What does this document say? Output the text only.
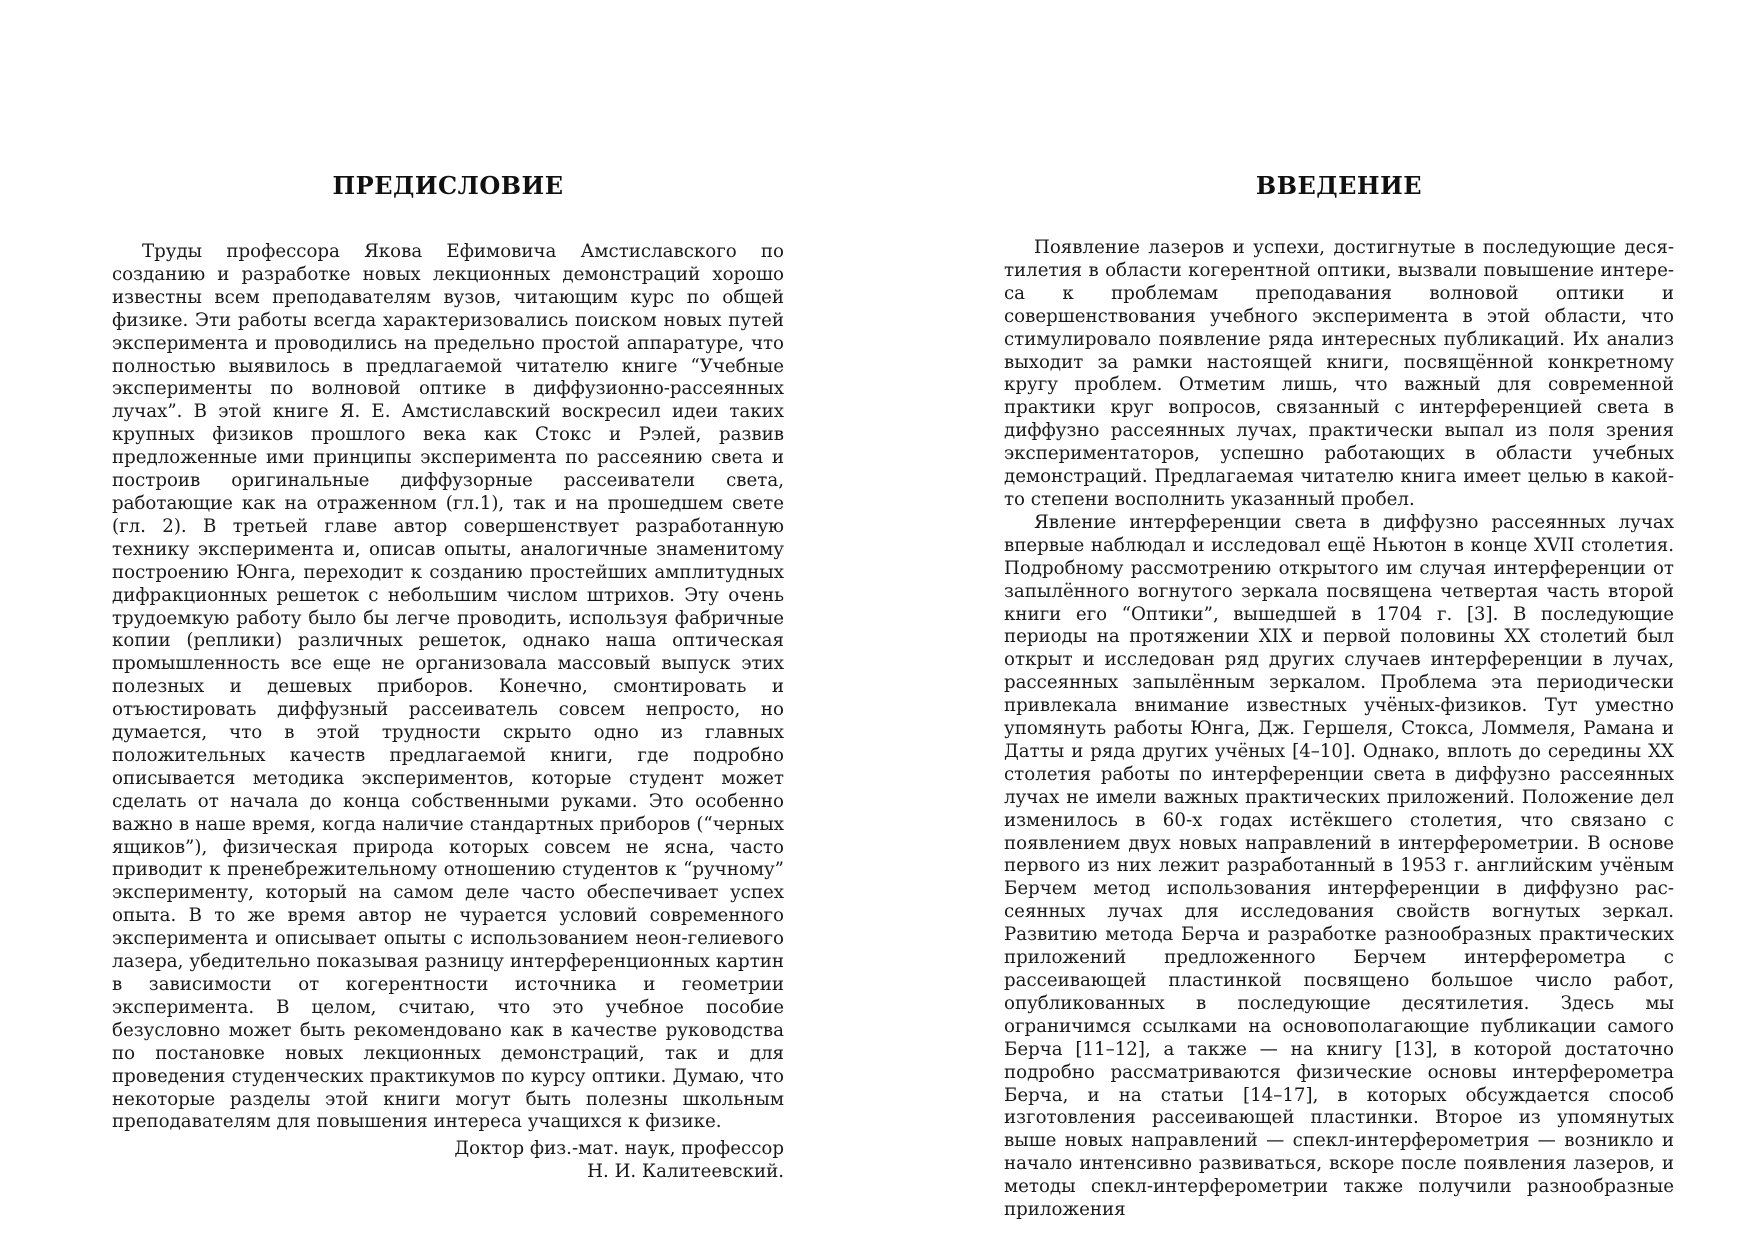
ПРЕДИСЛОВИЕ

Труды профессора Якова Ефимовича Амстиславского по созданию и разработке новых лекционных демонстраций хорошо известны всем преподавателям вузов, читающим курс по общей физике. Эти работы всегда характеризовались поиском новых путей эксперимента и проводились на предельно простой аппаратуре, что полностью выявилось в предлагаемой читателю книге “Учебные эксперименты по волновой оптике в диффузионно-рассеянных лучах”. В этой книге Я. Е. Амстиславский воскресил идеи таких крупных физиков прошлого века как Стокс и Рэлей, развив предложенные ими принципы эксперимента по рассеянию света и построив оригинальные диффузорные рассеиватели света, работающие как на отраженном (гл.1), так и на прошедшем свете (гл. 2). В третьей главе автор совершенствует разработанную технику эксперимента и, описав опыты, аналогичные знаменитому построению Юнга, переходит к созданию простейших амплитудных дифракционных решеток с небольшим числом штрихов. Эту очень трудоемкую работу было бы легче проводить, используя фабричные копии (реплики) различных решеток, однако наша оптическая промышленность все еще не организовала массовый выпуск этих полезных и дешевых приборов. Конечно, смонтировать и отъюстировать диффузный рассеиватель совсем непросто, но думается, что в этой трудности скрыто одно из главных положительных качеств предлагаемой книги, где подробно описывается методика экспериментов, которые студент может сделать от начала до конца собственными руками. Это особенно важно в наше время, когда наличие стандартных приборов (“черных ящиков”), физическая природа которых совсем не ясна, часто приводит к пренебрежительному отношению студентов к “ручному” эксперименту, который на самом деле часто обеспечивает успех опыта. В то же время автор не чурается условий современного эксперимента и описывает опыты с использованием неон-гелиевого лазера, убедительно показывая разницу интерференционных картин в зависимости от когерентности источника и геометрии эксперимента. В целом, считаю, что это учебное пособие безусловно может быть рекомендовано как в качестве руководства по постановке новых лекционных демонстраций, так и для проведения студенческих практикумов по курсу оптики. Думаю, что некоторые разделы этой книги могут быть полезны школьным преподавателям для повышения интереса учащихся к физике.

Доктор физ.-мат. наук, профессор
Н. И. Калитеевский.
ВВЕДЕНИЕ

Появление лазеров и успехи, достигнутые в последующие десятилетия в области когерентной оптики, вызвали повышение интереса к проблемам преподавания волновой оптики и совершенствования учебного эксперимента в этой области, что стимулировало появление ряда интересных публикаций. Их анализ выходит за рамки настоящей книги, посвящённой конкретному кругу проблем. Отметим лишь, что важный для современной практики круг вопросов, связанный с интерференцией света в диффузно рассеянных лучах, практически выпал из поля зрения экспериментаторов, успешно работающих в области учебных демонстраций. Предлагаемая читателю книга имеет целью в какой-то степени восполнить указанный пробел.

Явление интерференции света в диффузно рассеянных лучах впервые наблюдал и исследовал ещё Ньютон в конце XVII столетия. Подробному рассмотрению открытого им случая интерференции от запылённого вогнутого зеркала посвящена четвертая часть второй книги его “Оптики”, вышедшей в 1704 г. [3]. В последующие периоды на протяжении XIX и первой половины XX столетий был открыт и исследован ряд других случаев интерференции в лучах, рассеянных запылённым зеркалом. Проблема эта периодически привлекала внимание известных учёных-физиков. Тут уместно упомянуть работы Юнга, Дж. Гершеля, Стокса, Ломмеля, Рамана и Датты и ряда других учёных [4–10]. Однако, вплоть до середины XX столетия работы по интерференции света в диффузно рассеянных лучах не имели важных практических приложений. Положение дел изменилось в 60-х годах истёкшего столетия, что связано с появлением двух новых направлений в интерферометрии. В основе первого из них лежит разработанный в 1953 г. английским учёным Берчем метод использования интерференции в диффузно рассеянных лучах для исследования свойств вогнутых зеркал. Развитию метода Берча и разработке разнообразных практических приложений предложенного Берчем интерферометра с рассеивающей пластинкой посвящено большое число работ, опубликованных в последующие десятилетия. Здесь мы ограничимся ссылками на основополагающие публикации самого Берча [11–12], а также — на книгу [13], в которой достаточно подробно рассматриваются физические основы интерферометра Берча, и на статьи [14–17], в которых обсуждается способ изготовления рассеивающей пластинки. Второе из упомянутых выше новых направлений — спекл-интерферометрия — возникло и начало интенсивно развиваться, вскоре после появления лазеров, и методы спекл-интерферометрии также получили разнообразные приложения
